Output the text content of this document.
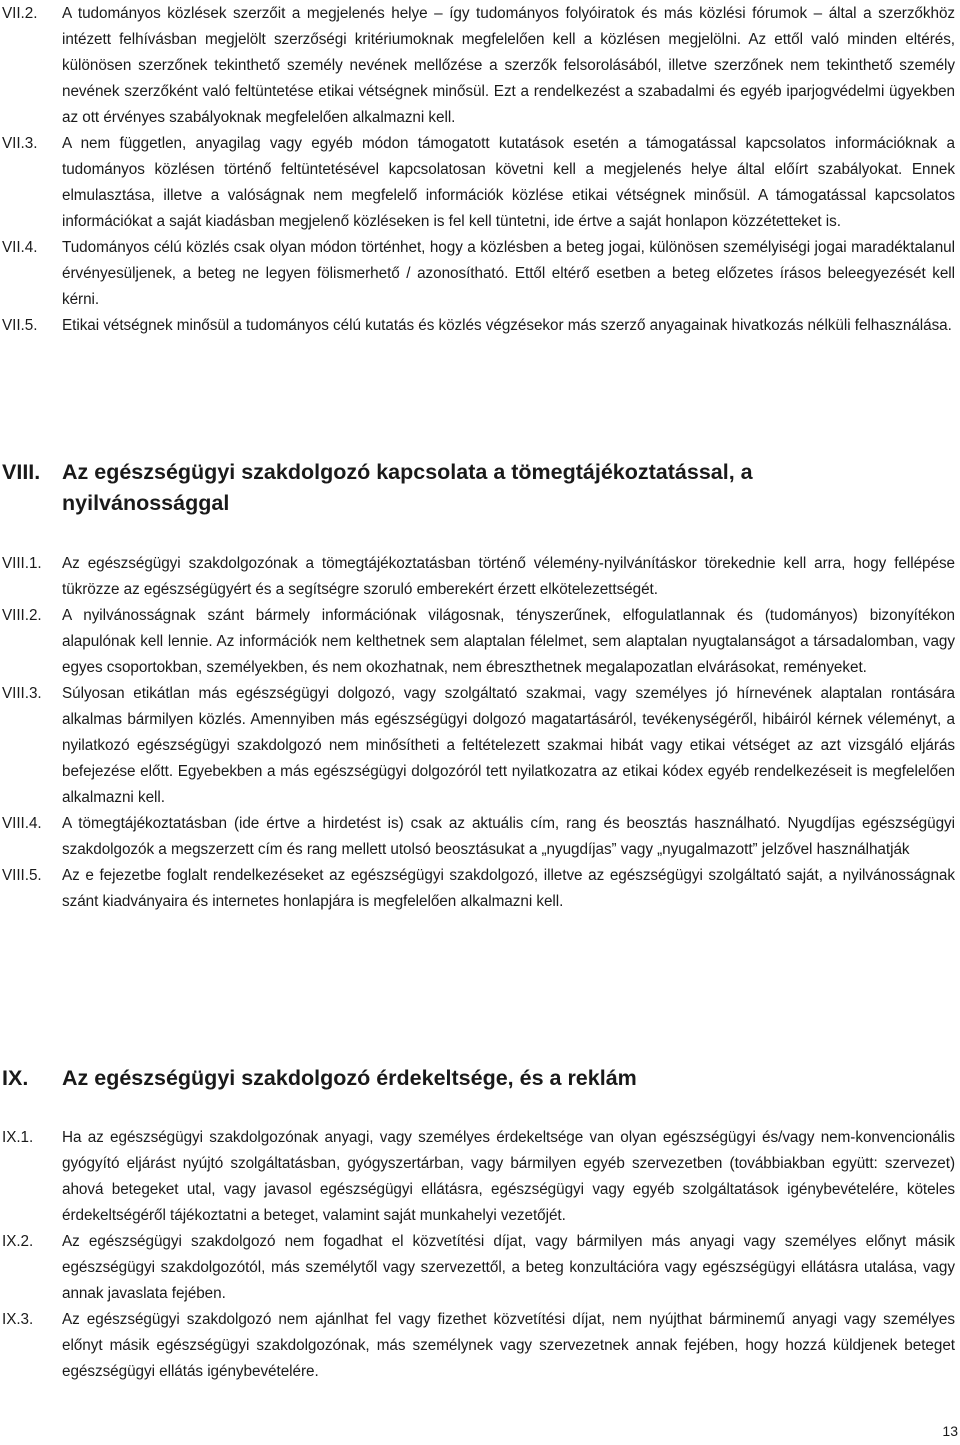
VII.2.	A tudományos közlések szerzőit a megjelenés helye – így tudományos folyóiratok és más közlési fórumok – által a szerzőkhöz intézett felhívásban megjelölt szerzőségi kritériumoknak megfelelően kell a közlésen megjelölni. Az ettől való minden eltérés, különösen szerzőnek tekinthető személy nevének mellőzése a szerzők felsorolásából, illetve szerzőnek nem tekinthető személy nevének szerzőként való feltüntetése etikai vétségnek minősül. Ezt a rendelkezést a szabadalmi és egyéb iparjogvédelmi ügyekben az ott érvényes szabályoknak megfelelően alkalmazni kell.

VII.3.	A nem független, anyagilag vagy egyéb módon támogatott kutatások esetén a támogatással kapcsolatos információknak a tudományos közlésen történő feltüntetésével kapcsolatosan követni kell a megjelenés helye által előírt szabályokat. Ennek elmulasztása, illetve a valóságnak nem megfelelő információk közlése etikai vétségnek minősül. A támogatással kapcsolatos információkat a saját kiadásban megjelenő közléseken is fel kell tüntetni, ide értve a saját honlapon közzétetteket is.

VII.4.	Tudományos célú közlés csak olyan módon történhet, hogy a közlésben a beteg jogai, különösen személyiségi jogai maradéktalanul érvényesüljenek, a beteg ne legyen fölismerhető / azonosítható. Ettől eltérő esetben a beteg előzetes írásos beleegyezését kell kérni.

VII.5.	Etikai vétségnek minősül a tudományos célú kutatás és közlés végzésekor más szerző anyagainak hivatkozás nélküli felhasználása.

VIII.	Az egészségügyi szakdolgozó kapcsolata a tömegtájékoztatással, a nyilvánossággal

VIII.1.	Az egészségügyi szakdolgozónak a tömegtájékoztatásban történő vélemény-nyilvánításkor törekednie kell arra, hogy fellépése tükrözze az egészségügyért és a segítségre szoruló emberekért érzett elkötelezettségét.

VIII.2.	A nyilvánosságnak szánt bármely információnak világosnak, tényszerűnek, elfogulatlannak és (tudományos) bizonyítékon alapulónak kell lennie. Az információk nem kelthetnek sem alaptalan félelmet, sem alaptalan nyugtalanságot a társadalomban, vagy egyes csoportokban, személyekben, és nem okozhatnak, nem ébreszthetnek megalapozatlan elvárásokat, reményeket.

VIII.3.	Súlyosan etikátlan más egészségügyi dolgozó, vagy szolgáltató szakmai, vagy személyes jó hírnevének alaptalan rontására alkalmas bármilyen közlés. Amennyiben más egészségügyi dolgozó magatartásáról, tevékenységéről, hibáiról kérnek véleményt, a nyilatkozó egészségügyi szakdolgozó nem minősítheti a feltételezett szakmai hibát vagy etikai vétséget az azt vizsgáló eljárás befejezése előtt. Egyebekben a más egészségügyi dolgozóról tett nyilatkozatra az etikai kódex egyéb rendelkezéseit is megfelelően alkalmazni kell.

VIII.4.	A tömegtájékoztatásban (ide értve a hirdetést is) csak az aktuális cím, rang és beosztás használható. Nyugdíjas egészségügyi szakdolgozók a megszerzett cím és rang mellett utolsó beosztásukat a „nyugdíjas” vagy „nyugalmazott” jelzővel használhatják

VIII.5.	Az e fejezetbe foglalt rendelkezéseket az egészségügyi szakdolgozó, illetve az egészségügyi szolgáltató saját, a nyilvánosságnak szánt kiadványaira és internetes honlapjára is megfelelően alkalmazni kell.

IX.	Az egészségügyi szakdolgozó érdekeltsége, és a reklám

IX.1.	Ha az egészségügyi szakdolgozónak anyagi, vagy személyes érdekeltsége van olyan egészségügyi és/vagy nem-konvencionális gyógyító eljárást nyújtó szolgáltatásban, gyógyszertárban, vagy bármilyen egyéb szervezetben (továbbiakban együtt: szervezet) ahová betegeket utal, vagy javasol egészségügyi ellátásra, egészségügyi vagy egyéb szolgáltatások igénybevételére, köteles érdekeltségéről tájékoztatni a beteget, valamint saját munkahelyi vezetőjét.

IX.2.	Az egészségügyi szakdolgozó nem fogadhat el közvetítési díjat, vagy bármilyen más anyagi vagy személyes előnyt másik egészségügyi szakdolgozótól, más személytől vagy szervezettől, a beteg konzultációra vagy egészségügyi ellátásra utalása, vagy annak javaslata fejében.

IX.3.	Az egészségügyi szakdolgozó nem ajánlhat fel vagy fizethet közvetítési díjat, nem nyújthat bárminemű anyagi vagy személyes előnyt másik egészségügyi szakdolgozónak, más személynek vagy szervezetnek annak fejében, hogy hozzá küldjenek beteget egészségügyi ellátás igénybevételére.

13
